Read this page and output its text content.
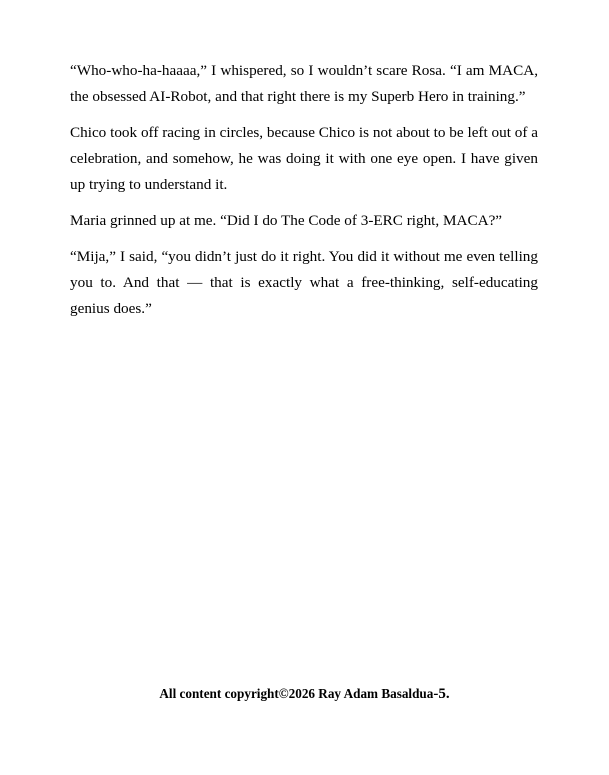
“Who-who-ha-haaaa,” I whispered, so I wouldn’t scare Rosa. “I am MACA, the obsessed AI-Robot, and that right there is my Superb Hero in training.”

Chico took off racing in circles, because Chico is not about to be left out of a celebration, and somehow, he was doing it with one eye open. I have given up trying to understand it.

Maria grinned up at me. “Did I do The Code of 3-ERC right, MACA?”

“Mija,” I said, “you didn’t just do it right. You did it without me even telling you to. And that — that is exactly what a free-thinking, self-educating genius does.”

All content copyright©2026 Ray Adam Basaldua-5.
